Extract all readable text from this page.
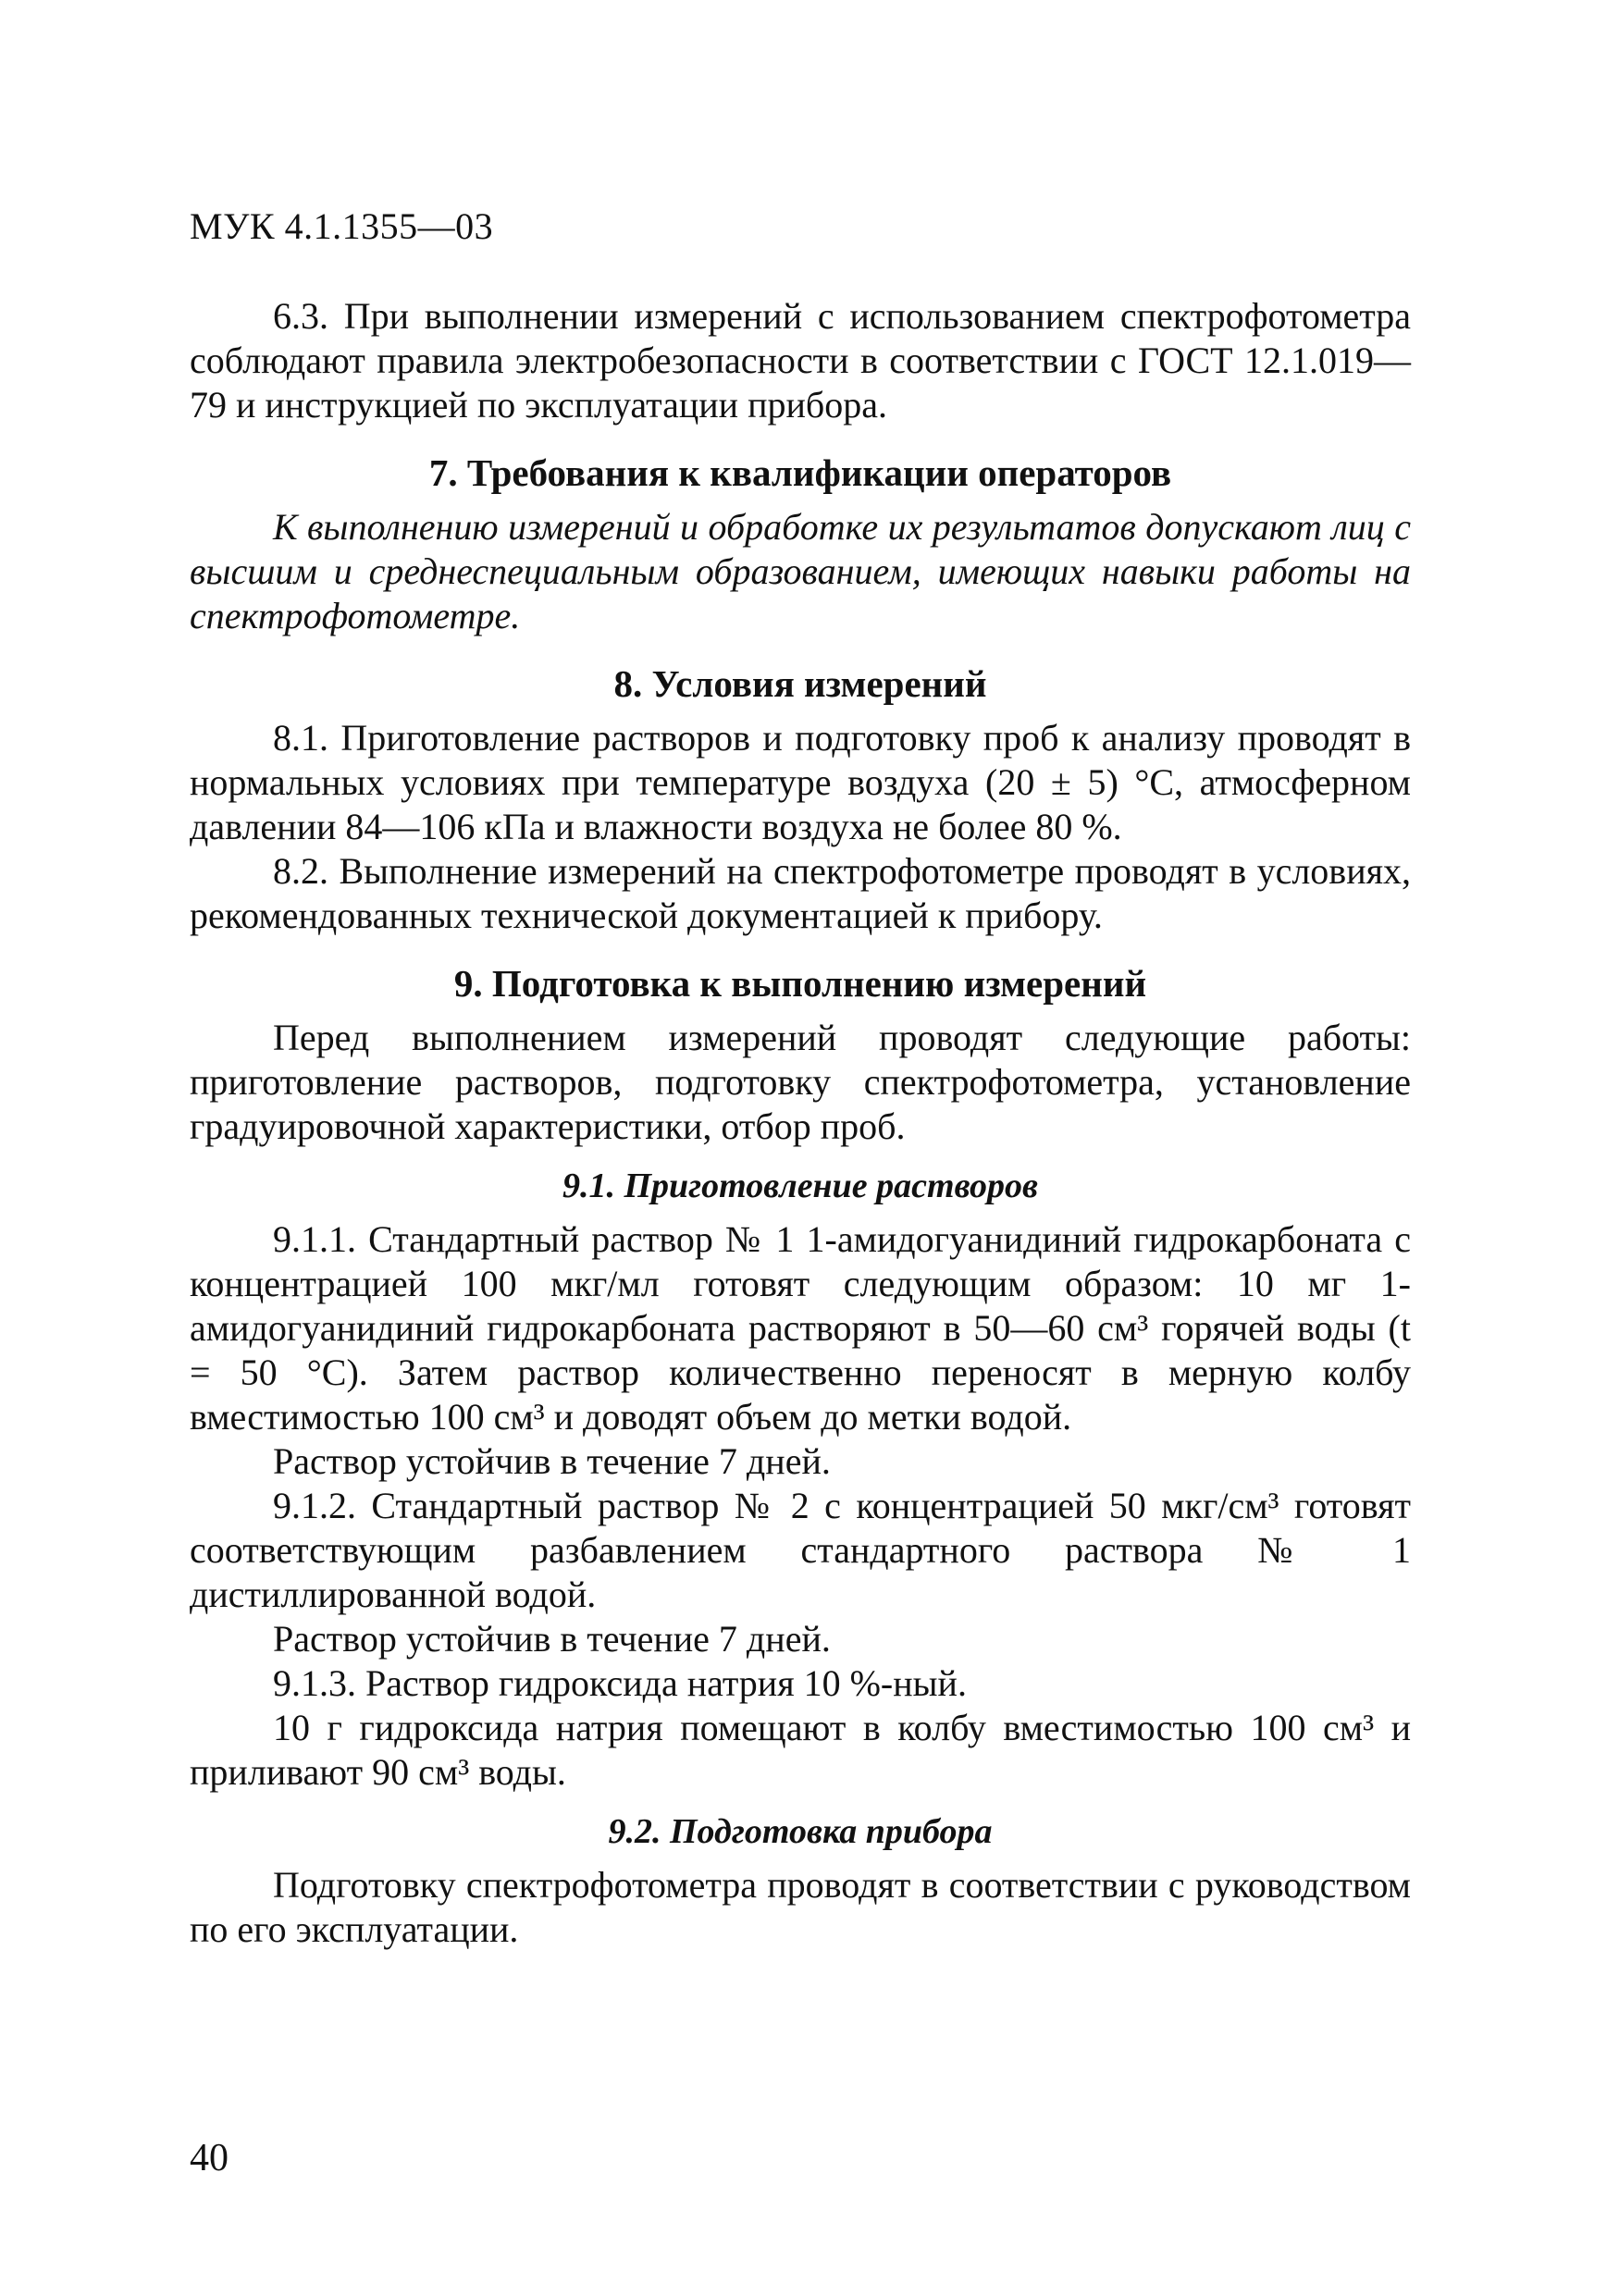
МУК 4.1.1355—03

6.3. При выполнении измерений с использованием спектрофотометра соблюдают правила электробезопасности в соответствии с ГОСТ 12.1.019—79 и инструкцией по эксплуатации прибора.

7. Требования к квалификации операторов

К выполнению измерений и обработке их результатов допускают лиц с высшим и среднеспециальным образованием, имеющих навыки работы на спектрофотометре.

8. Условия измерений

8.1. Приготовление растворов и подготовку проб к анализу проводят в нормальных условиях при температуре воздуха (20 ± 5) °С, атмосферном давлении 84—106 кПа и влажности воздуха не более 80 %.

8.2. Выполнение измерений на спектрофотометре проводят в условиях, рекомендованных технической документацией к прибору.

9. Подготовка к выполнению измерений

Перед выполнением измерений проводят следующие работы: приготовление растворов, подготовку спектрофотометра, установление градуировочной характеристики, отбор проб.

9.1. Приготовление растворов

9.1.1. Стандартный раствор № 1 1-амидогуанидиний гидрокарбоната с концентрацией 100 мкг/мл готовят следующим образом: 10 мг 1-амидогуанидиний гидрокарбоната растворяют в 50—60 см³ горячей воды (t = 50 °С). Затем раствор количественно переносят в мерную колбу вместимостью 100 см³ и доводят объем до метки водой.

Раствор устойчив в течение 7 дней.

9.1.2. Стандартный раствор № 2 с концентрацией 50 мкг/см³ готовят соответствующим разбавлением стандартного раствора № 1 дистиллированной водой.

Раствор устойчив в течение 7 дней.

9.1.3. Раствор гидроксида натрия 10 %-ный.

10 г гидроксида натрия помещают в колбу вместимостью 100 см³ и приливают 90 см³ воды.

9.2. Подготовка прибора

Подготовку спектрофотометра проводят в соответствии с руководством по его эксплуатации.

40
